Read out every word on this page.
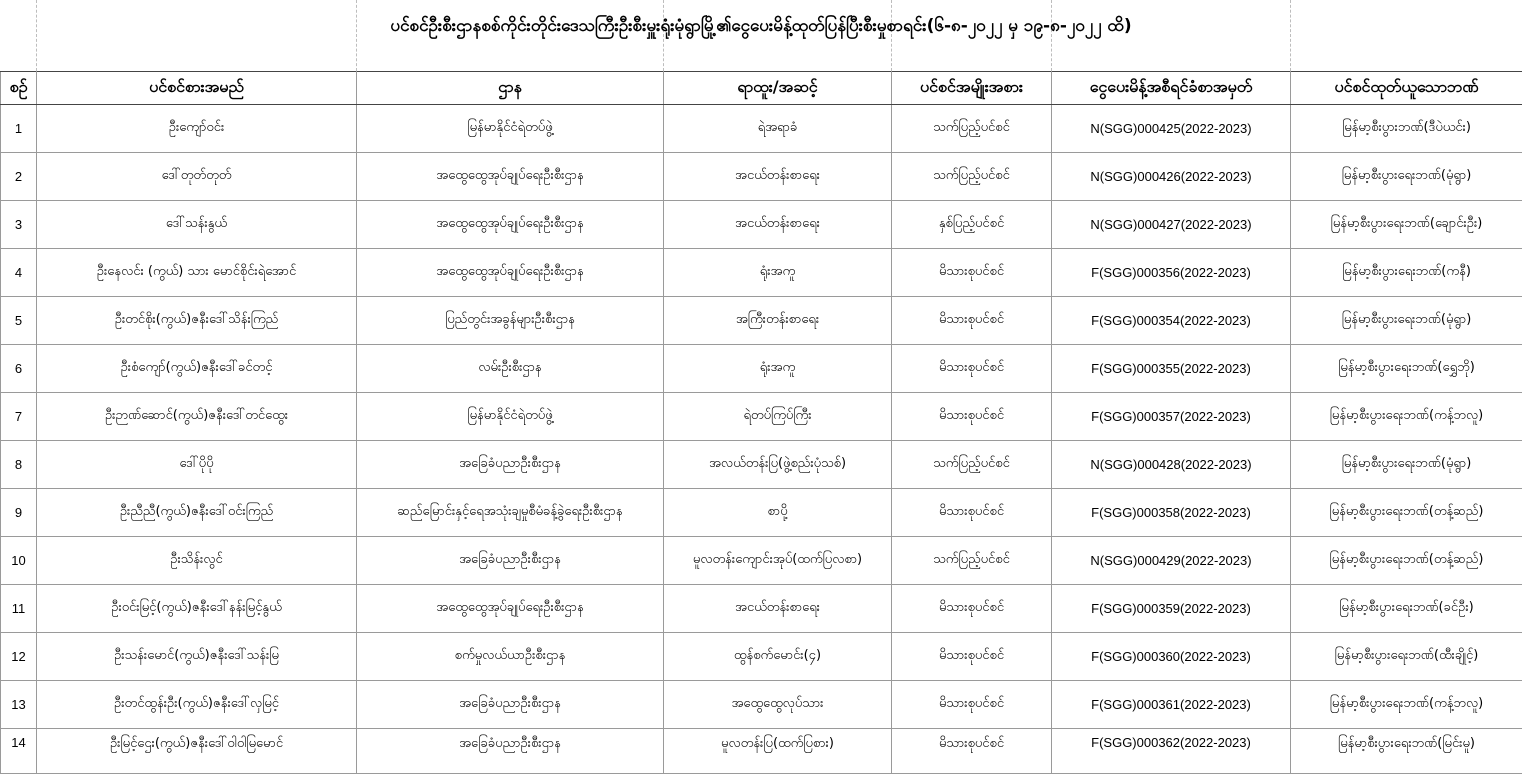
ပင်စင်ဦးစီးဌာနစစ်ကိုင်းတိုင်းဒေသကြီးဦးစီးမှူးရုံးမုံရွာမြို့၏ငွေပေးမိန့်ထုတ်ပြန်ပြီးစီးမှုစာရင်း(၆-၈-၂၀၂၂ မှ ၁၉-၈-၂၀၂၂ ထိ)
စဉ်	ပင်စင်စားအမည်	ဌာန	ရာထူး/အဆင့်	ပင်စင်အမျိုးအစား	ငွေပေးမိန့်အစီရင်ခံစာအမှတ်	ပင်စင်ထုတ်ယူသောဘဏ်
1	ဦးကျော်ဝင်း	မြန်မာနိုင်ငံရဲတပ်ဖွဲ့	ရဲအရာခံ	သက်ပြည့်ပင်စင်	N(SGG)000425(2022-2023)	မြန်မာ့စီးပွားဘဏ်(ဒီပဲယင်း)
2	ဒေါ်တုတ်တုတ်	အထွေထွေအုပ်ချုပ်ရေးဦးစီးဌာန	အငယ်တန်းစာရေး	သက်ပြည့်ပင်စင်	N(SGG)000426(2022-2023)	မြန်မာ့စီးပွားရေးဘဏ်(မုံရွာ)
3	ဒေါ်သန်းနွယ်	အထွေထွေအုပ်ချုပ်ရေးဦးစီးဌာန	အငယ်တန်းစာရေး	နှစ်ပြည့်ပင်စင်	N(SGG)000427(2022-2023)	မြန်မာ့စီးပွားရေးဘဏ်(ချောင်းဦး)
4	ဦးနေလင်း (ကွယ်) သား မောင်စိုင်းရဲအောင်	အထွေထွေအုပ်ချုပ်ရေးဦးစီးဌာန	ရုံးအကူ	မိသားစုပင်စင်	F(SGG)000356(2022-2023)	မြန်မာ့စီးပွားရေးဘဏ်(ကနီ)
5	ဦးတင်စိုး(ကွယ်)ဇနီးဒေါ်သိန်းကြည်	ပြည်တွင်းအခွန်များဦးစီးဌာန	အကြီးတန်းစာရေး	မိသားစုပင်စင်	F(SGG)000354(2022-2023)	မြန်မာ့စီးပွားရေးဘဏ်(မုံရွာ)
6	ဦးစံကျော်(ကွယ်)ဇနီးဒေါ်ခင်တင့်	လမ်းဦးစီးဌာန	ရုံးအကူ	မိသားစုပင်စင်	F(SGG)000355(2022-2023)	မြန်မာ့စီးပွားရေးဘဏ်(ရွှေဘို)
7	ဦးဉာဏ်ဆောင်(ကွယ်)ဇနီးဒေါ်တင်ထွေး	မြန်မာနိုင်ငံရဲတပ်ဖွဲ့	ရဲတပ်ကြပ်ကြီး	မိသားစုပင်စင်	F(SGG)000357(2022-2023)	မြန်မာ့စီးပွားရေးဘဏ်(ကန့်ဘလူ)
8	ဒေါ်ပိုပို	အခြေခံပညာဦးစီးဌာန	အလယ်တန်းပြ(ဖွဲ့စည်းပုံသစ်)	သက်ပြည့်ပင်စင်	N(SGG)000428(2022-2023)	မြန်မာ့စီးပွားရေးဘဏ်(မုံရွာ)
9	ဦးညီညီ(ကွယ်)ဇနီးဒေါ်ဝင်းကြည်	ဆည်မြောင်းနှင့်ရေအသုံးချမှုစီမံခန့်ခွဲရေးဦးစီးဌာန	စာပို့	မိသားစုပင်စင်	F(SGG)000358(2022-2023)	မြန်မာ့စီးပွားရေးဘဏ်(တန့်ဆည်)
10	ဦးသိန်းလွင်	အခြေခံပညာဦးစီးဌာန	မူလတန်းကျောင်းအုပ်(ထက်ပြလစာ)	သက်ပြည့်ပင်စင်	N(SGG)000429(2022-2023)	မြန်မာ့စီးပွားရေးဘဏ်(တန့်ဆည်)
11	ဦးဝင်းမြင့်(ကွယ်)ဇနီးဒေါ်နန်းမြင့်နွယ်	အထွေထွေအုပ်ချုပ်ရေးဦးစီးဌာန	အငယ်တန်းစာရေး	မိသားစုပင်စင်	F(SGG)000359(2022-2023)	မြန်မာ့စီးပွားရေးဘဏ်(ခင်ဦး)
12	ဦးသန်းမောင်(ကွယ်)ဇနီးဒေါ်သန်းမြ	စက်မှုလယ်ယာဦးစီးဌာန	ထွန်စက်မောင်း(၄)	မိသားစုပင်စင်	F(SGG)000360(2022-2023)	မြန်မာ့စီးပွားရေးဘဏ်(ထီးချိုင့်)
13	ဦးတင်ထွန်းဦး(ကွယ်)ဇနီးဒေါ်လှမြင့်	အခြေခံပညာဦးစီးဌာန	အထွေထွေလုပ်သား	မိသားစုပင်စင်	F(SGG)000361(2022-2023)	မြန်မာ့စီးပွားရေးဘဏ်(ကန့်ဘလူ)
14	ဦးမြင့်ဌေး(ကွယ်)ဇနီးဒေါ်ဝါဝါမြမောင်	အခြေခံပညာဦးစီးဌာန	မူလတန်းပြ(ထက်ပြစား)	မိသားစုပင်စင်	F(SGG)000362(2022-2023)	မြန်မာ့စီးပွားရေးဘဏ်(မြင်းမူ)
